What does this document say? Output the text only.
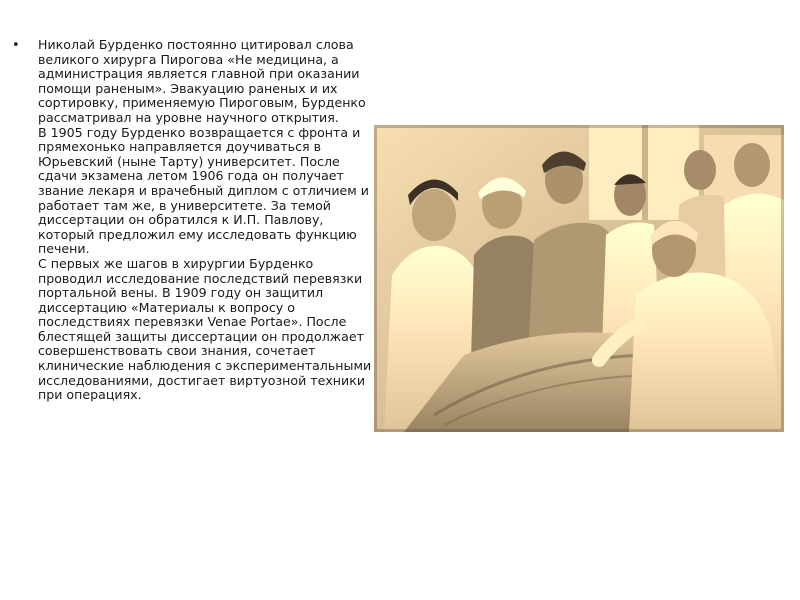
• Николай Бурденко постоянно цитировал слова великого хирурга Пирогова «Не медицина, а администрация является главной при оказании помощи раненым». Эвакуацию раненых и их сортировку, применяемую Пироговым, Бурденко рассматривал на уровне научного открытия.

В 1905 году Бурденко возвращается с фронта и прямехонько направляется доучиваться в Юрьевский (ныне Тарту) университет. После сдачи экзамена летом 1906 года он получает звание лекаря и врачебный диплом с отличием и работает там же, в университете. За темой диссертации он обратился к И.П. Павлову, который предложил ему исследовать функцию печени.

С первых же шагов в хирургии Бурденко проводил исследование последствий перевязки портальной вены. В 1909 году он защитил диссертацию «Материалы к вопросу о последствиях перевязки Venae Portae». После блестящей защиты диссертации он продолжает совершенствовать свои знания, сочетает клинические наблюдения с экспериментальными исследованиями, достигает виртуозной техники при операциях.
